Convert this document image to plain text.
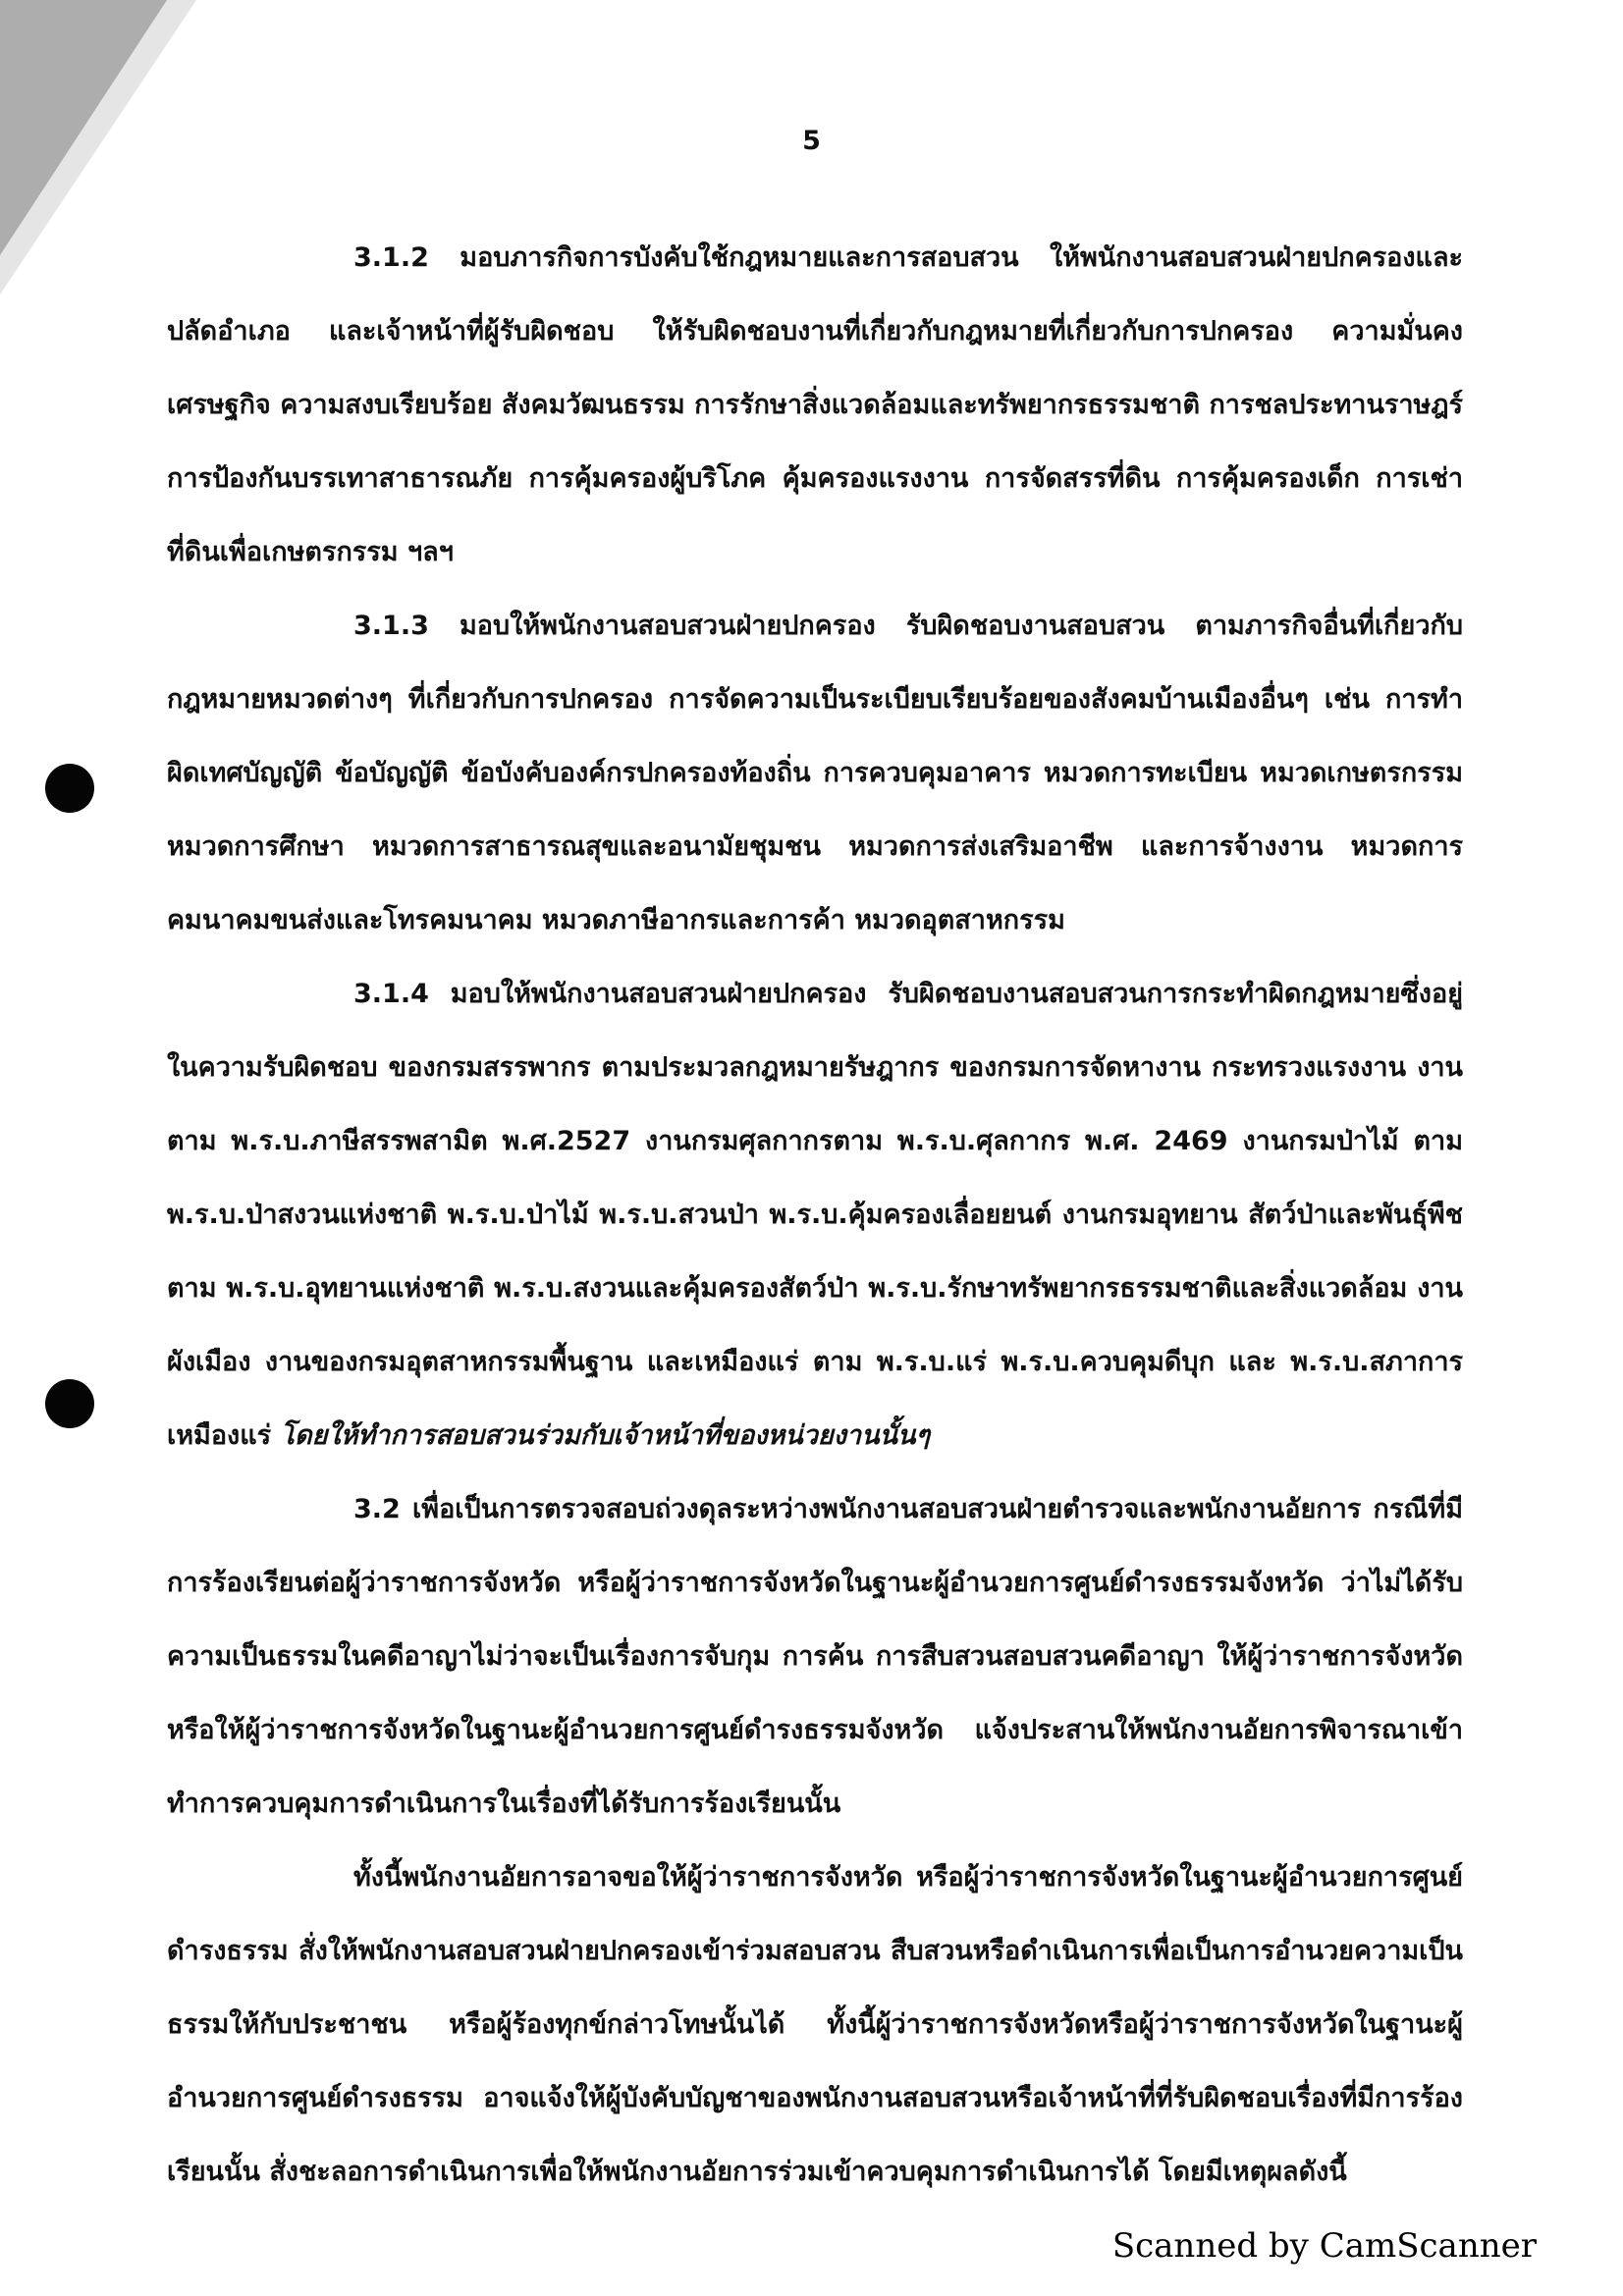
5

3.1.2 มอบภารกิจการบังคับใช้กฎหมายและการสอบสวน ให้พนักงานสอบสวนฝ่ายปกครองและปลัดอำเภอ และเจ้าหน้าที่ผู้รับผิดชอบ ให้รับผิดชอบงานที่เกี่ยวกับกฎหมายที่เกี่ยวกับการปกครอง ความมั่นคง เศรษฐกิจ ความสงบเรียบร้อย สังคมวัฒนธรรม การรักษาสิ่งแวดล้อมและทรัพยากรธรรมชาติ การชลประทานราษฎร์ การป้องกันบรรเทาสาธารณภัย การคุ้มครองผู้บริโภค คุ้มครองแรงงาน การจัดสรรที่ดิน การคุ้มครองเด็ก การเช่าที่ดินเพื่อเกษตรกรรม ฯลฯ

3.1.3 มอบให้พนักงานสอบสวนฝ่ายปกครอง รับผิดชอบงานสอบสวน ตามภารกิจอื่นที่เกี่ยวกับกฎหมายหมวดต่างๆ ที่เกี่ยวกับการปกครอง การจัดความเป็นระเบียบเรียบร้อยของสังคมบ้านเมืองอื่นๆ เช่น การทำผิดเทศบัญญัติ ข้อบัญญัติ ข้อบังคับองค์กรปกครองท้องถิ่น การควบคุมอาคาร หมวดการทะเบียน หมวดเกษตรกรรม หมวดการศึกษา หมวดการสาธารณสุขและอนามัยชุมชน หมวดการส่งเสริมอาชีพ และการจ้างงาน หมวดการคมนาคมขนส่งและโทรคมนาคม หมวดภาษีอากรและการค้า หมวดอุตสาหกรรม

3.1.4 มอบให้พนักงานสอบสวนฝ่ายปกครอง รับผิดชอบงานสอบสวนการกระทำผิดกฎหมายซึ่งอยู่ในความรับผิดชอบ ของกรมสรรพากร ตามประมวลกฎหมายรัษฎากร ของกรมการจัดหางาน กระทรวงแรงงาน งานตาม พ.ร.บ.ภาษีสรรพสามิต พ.ศ.2527 งานกรมศุลกากรตาม พ.ร.บ.ศุลกากร พ.ศ. 2469 งานกรมป่าไม้ ตาม พ.ร.บ.ป่าสงวนแห่งชาติ พ.ร.บ.ป่าไม้ พ.ร.บ.สวนป่า พ.ร.บ.คุ้มครองเลื่อยยนต์ งานกรมอุทยาน สัตว์ป่าและพันธุ์พืช ตาม พ.ร.บ.อุทยานแห่งชาติ พ.ร.บ.สงวนและคุ้มครองสัตว์ป่า พ.ร.บ.รักษาทรัพยากรธรรมชาติและสิ่งแวดล้อม งานผังเมือง งานของกรมอุตสาหกรรมพื้นฐาน และเหมืองแร่ ตาม พ.ร.บ.แร่ พ.ร.บ.ควบคุมดีบุก และ พ.ร.บ.สภาการเหมืองแร่ โดยให้ทำการสอบสวนร่วมกับเจ้าหน้าที่ของหน่วยงานนั้นๆ

3.2 เพื่อเป็นการตรวจสอบถ่วงดุลระหว่างพนักงานสอบสวนฝ่ายตำรวจและพนักงานอัยการ กรณีที่มีการร้องเรียนต่อผู้ว่าราชการจังหวัด หรือผู้ว่าราชการจังหวัดในฐานะผู้อำนวยการศูนย์ดำรงธรรมจังหวัด ว่าไม่ได้รับความเป็นธรรมในคดีอาญาไม่ว่าจะเป็นเรื่องการจับกุม การค้น การสืบสวนสอบสวนคดีอาญา ให้ผู้ว่าราชการจังหวัด หรือให้ผู้ว่าราชการจังหวัดในฐานะผู้อำนวยการศูนย์ดำรงธรรมจังหวัด แจ้งประสานให้พนักงานอัยการพิจารณาเข้าทำการควบคุมการดำเนินการในเรื่องที่ได้รับการร้องเรียนนั้น

ทั้งนี้พนักงานอัยการอาจขอให้ผู้ว่าราชการจังหวัด หรือผู้ว่าราชการจังหวัดในฐานะผู้อำนวยการศูนย์ดำรงธรรม สั่งให้พนักงานสอบสวนฝ่ายปกครองเข้าร่วมสอบสวน สืบสวนหรือดำเนินการเพื่อเป็นการอำนวยความเป็นธรรมให้กับประชาชน หรือผู้ร้องทุกข์กล่าวโทษนั้นได้ ทั้งนี้ผู้ว่าราชการจังหวัดหรือผู้ว่าราชการจังหวัดในฐานะผู้อำนวยการศูนย์ดำรงธรรม อาจแจ้งให้ผู้บังคับบัญชาของพนักงานสอบสวนหรือเจ้าหน้าที่ที่รับผิดชอบเรื่องที่มีการร้องเรียนนั้น สั่งชะลอการดำเนินการเพื่อให้พนักงานอัยการร่วมเข้าควบคุมการดำเนินการได้ โดยมีเหตุผลดังนี้

Scanned by CamScanner
